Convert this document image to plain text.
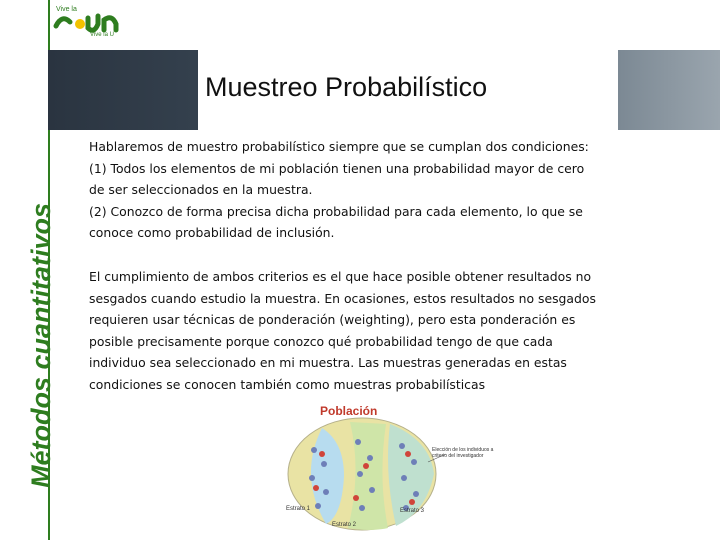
Métodos cuantitativos
Vive la
Vive la U
Muestreo Probabilístico
Hablaremos de muestro probabilístico siempre que se cumplan dos condiciones:
(1) Todos los elementos de mi población tienen una probabilidad mayor de cero
de ser seleccionados en la muestra.
(2) Conozco de forma precisa dicha probabilidad para cada elemento, lo que se
conoce como probabilidad de inclusión.
El cumplimiento de ambos criterios es el que hace posible obtener resultados no
sesgados cuando estudio la muestra. En ocasiones, estos resultados no sesgados
requieren usar técnicas de ponderación (weighting), pero esta ponderación es
posible precisamente porque conozco qué probabilidad tengo de que cada
individuo sea seleccionado en mi muestra. Las muestras generadas en estas
condiciones se conocen también como muestras probabilísticas
Población
Elección de los individuos a criterio del investigador
Estrato 1
Estrato 2
Estrato 3
